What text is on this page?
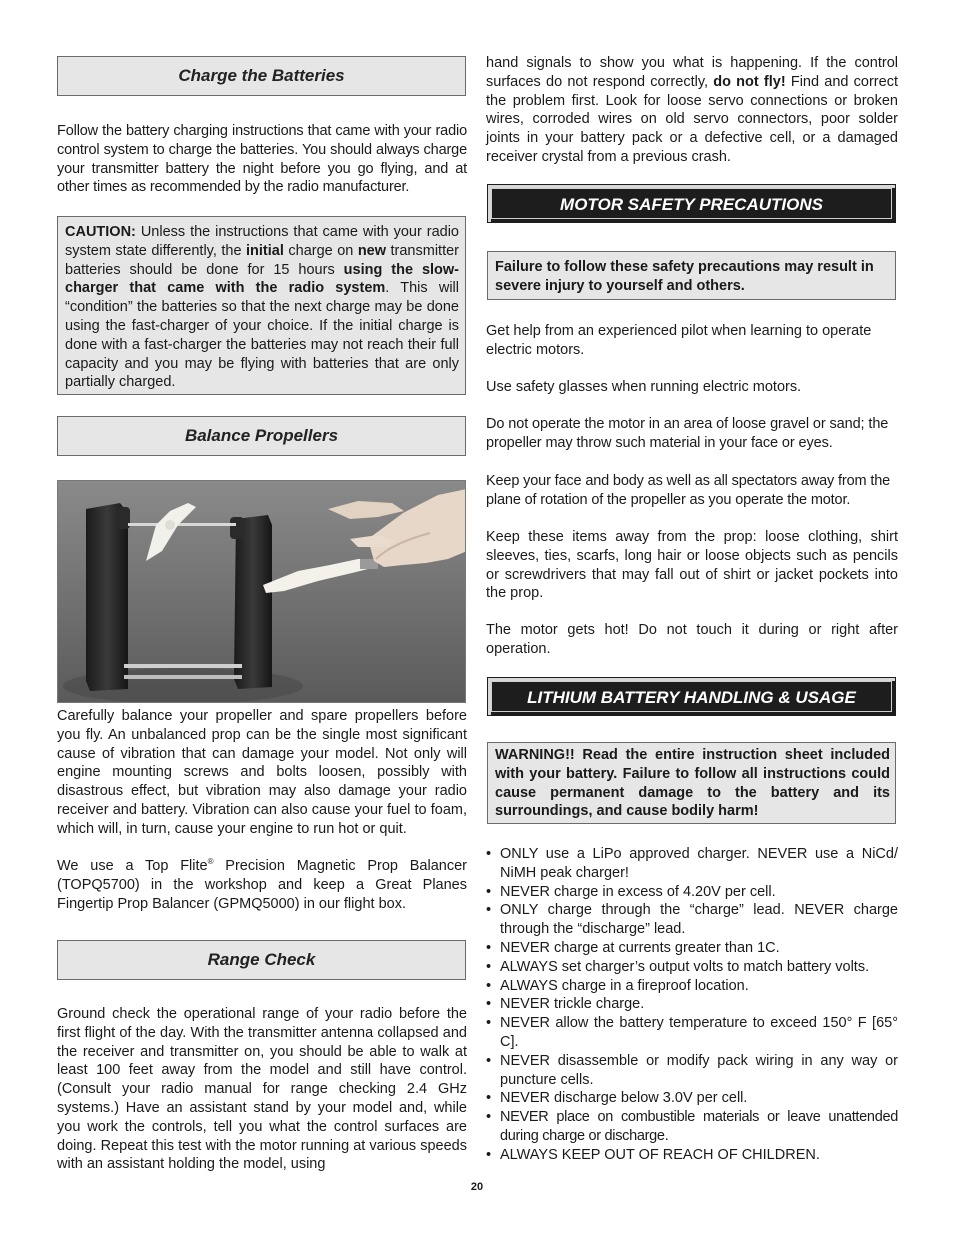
Charge the Batteries

Follow the battery charging instructions that came with your radio control system to charge the batteries. You should always charge your transmitter battery the night before you go flying, and at other times as recommended by the radio manufacturer.

CAUTION: Unless the instructions that came with your radio system state differently, the initial charge on new transmitter batteries should be done for 15 hours using the slow-charger that came with the radio system. This will “condition” the batteries so that the next charge may be done using the fast-charger of your choice. If the initial charge is done with a fast-charger the batteries may not reach their full capacity and you may be flying with batteries that are only partially charged.

Balance Propellers

Carefully balance your propeller and spare propellers before you fly. An unbalanced prop can be the single most significant cause of vibration that can damage your model. Not only will engine mounting screws and bolts loosen, possibly with disastrous effect, but vibration may also damage your radio receiver and battery. Vibration can also cause your fuel to foam, which will, in turn, cause your engine to run hot or quit.

We use a Top Flite® Precision Magnetic Prop Balancer (TOPQ5700) in the workshop and keep a Great Planes Fingertip Prop Balancer (GPMQ5000) in our flight box.

Range Check

Ground check the operational range of your radio before the first flight of the day. With the transmitter antenna collapsed and the receiver and transmitter on, you should be able to walk at least 100 feet away from the model and still have control. (Consult your radio manual for range checking 2.4 GHz systems.) Have an assistant stand by your model and, while you work the controls, tell you what the control surfaces are doing. Repeat this test with the motor running at various speeds with an assistant holding the model, using

hand signals to show you what is happening. If the control surfaces do not respond correctly, do not fly! Find and correct the problem first. Look for loose servo connections or broken wires, corroded wires on old servo connectors, poor solder joints in your battery pack or a defective cell, or a damaged receiver crystal from a previous crash.

MOTOR SAFETY PRECAUTIONS

Failure to follow these safety precautions may result in severe injury to yourself and others.

Get help from an experienced pilot when learning to operate electric motors.

Use safety glasses when running electric motors.

Do not operate the motor in an area of loose gravel or sand; the propeller may throw such material in your face or eyes.

Keep your face and body as well as all spectators away from the plane of rotation of the propeller as you operate the motor.

Keep these items away from the prop: loose clothing, shirt sleeves, ties, scarfs, long hair or loose objects such as pencils or screwdrivers that may fall out of shirt or jacket pockets into the prop.

The motor gets hot! Do not touch it during or right after operation.

LITHIUM BATTERY HANDLING & USAGE

WARNING!! Read the entire instruction sheet included with your battery. Failure to follow all instructions could cause permanent damage to the battery and its surroundings, and cause bodily harm!

• ONLY use a LiPo approved charger. NEVER use a NiCd/ NiMH peak charger!
• NEVER charge in excess of 4.20V per cell.
• ONLY charge through the “charge” lead. NEVER charge through the “discharge” lead.
• NEVER charge at currents greater than 1C.
• ALWAYS set charger’s output volts to match battery volts.
• ALWAYS charge in a fireproof location.
• NEVER trickle charge.
• NEVER allow the battery temperature to exceed 150° F [65° C].
• NEVER disassemble or modify pack wiring in any way or puncture cells.
• NEVER discharge below 3.0V per cell.
• NEVER place on combustible materials or leave unattended during charge or discharge.
• ALWAYS KEEP OUT OF REACH OF CHILDREN.
20
